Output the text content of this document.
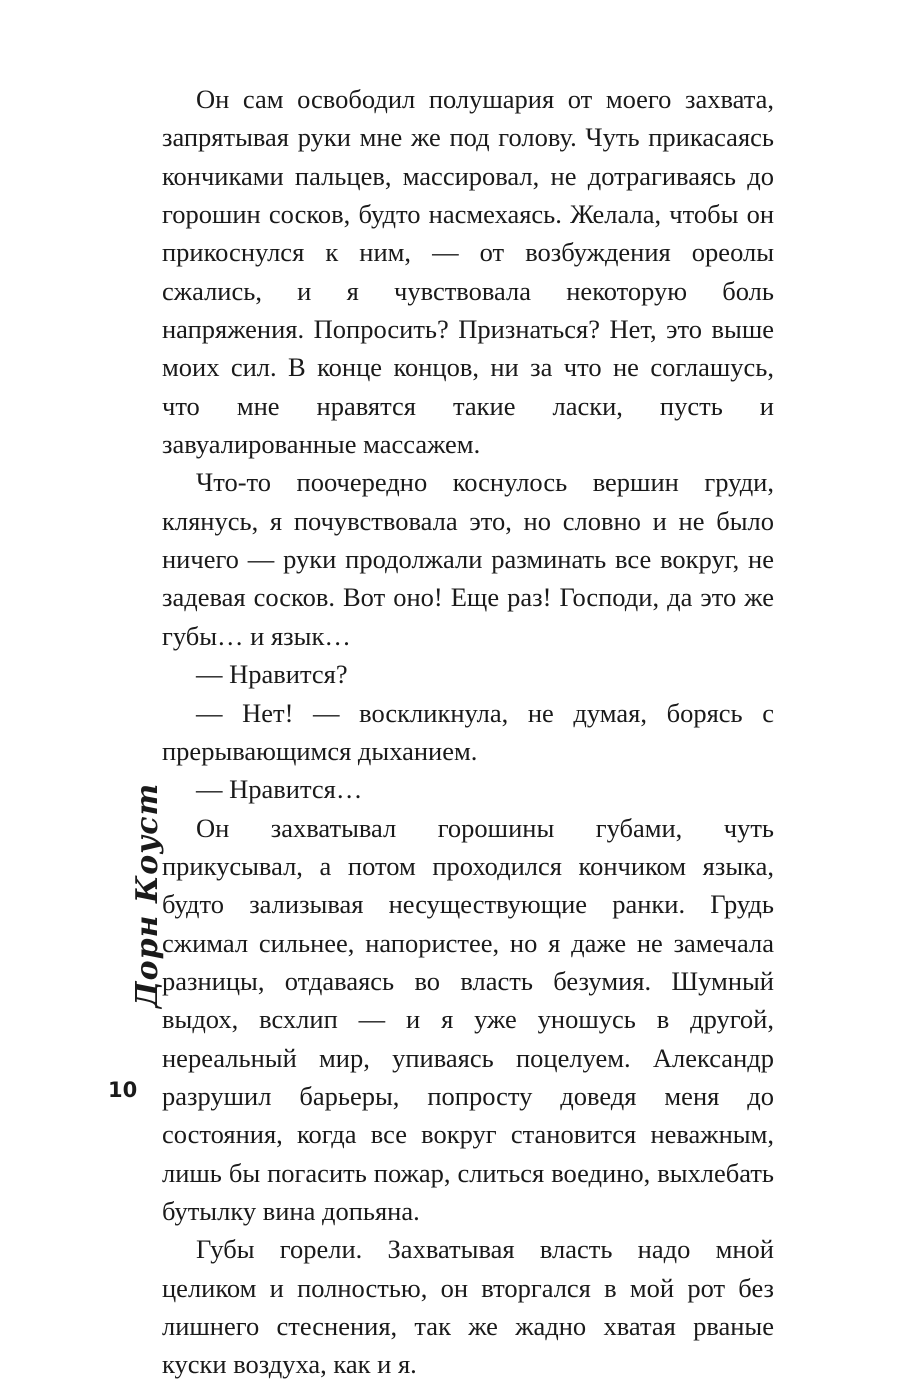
Он сам освободил полушария от моего захвата, запрятывая руки мне же под голову. Чуть прикасаясь кончиками пальцев, массировал, не дотрагиваясь до горошин сосков, будто насмехаясь. Желала, чтобы он прикоснулся к ним, — от возбуждения ореолы сжались, и я чувствовала некоторую боль напряжения. Попросить? Признаться? Нет, это выше моих сил. В конце концов, ни за что не соглашусь, что мне нравятся такие ласки, пусть и завуалированные массажем.

Что-то поочередно коснулось вершин груди, клянусь, я почувствовала это, но словно и не было ничего — руки продолжали разминать все вокруг, не задевая сосков. Вот оно! Еще раз! Господи, да это же губы… и язык…

— Нравится?

— Нет! — воскликнула, не думая, борясь с прерывающимся дыханием.

— Нравится…

Он захватывал горошины губами, чуть прикусывал, а потом проходился кончиком языка, будто зализывая несуществующие ранки. Грудь сжимал сильнее, напористее, но я даже не замечала разницы, отдаваясь во власть безумия. Шумный выдох, всхлип — и я уже уношусь в другой, нереальный мир, упиваясь поцелуем. Александр разрушил барьеры, попросту доведя меня до состояния, когда все вокруг становится неважным, лишь бы погасить пожар, слиться воедино, выхлебать бутылку вина допьяна.

Губы горели. Захватывая власть надо мной целиком и полностью, он вторгался в мой рот без лишнего стеснения, так же жадно хватая рваные куски воздуха, как и я.

Дорн Коуст
10
